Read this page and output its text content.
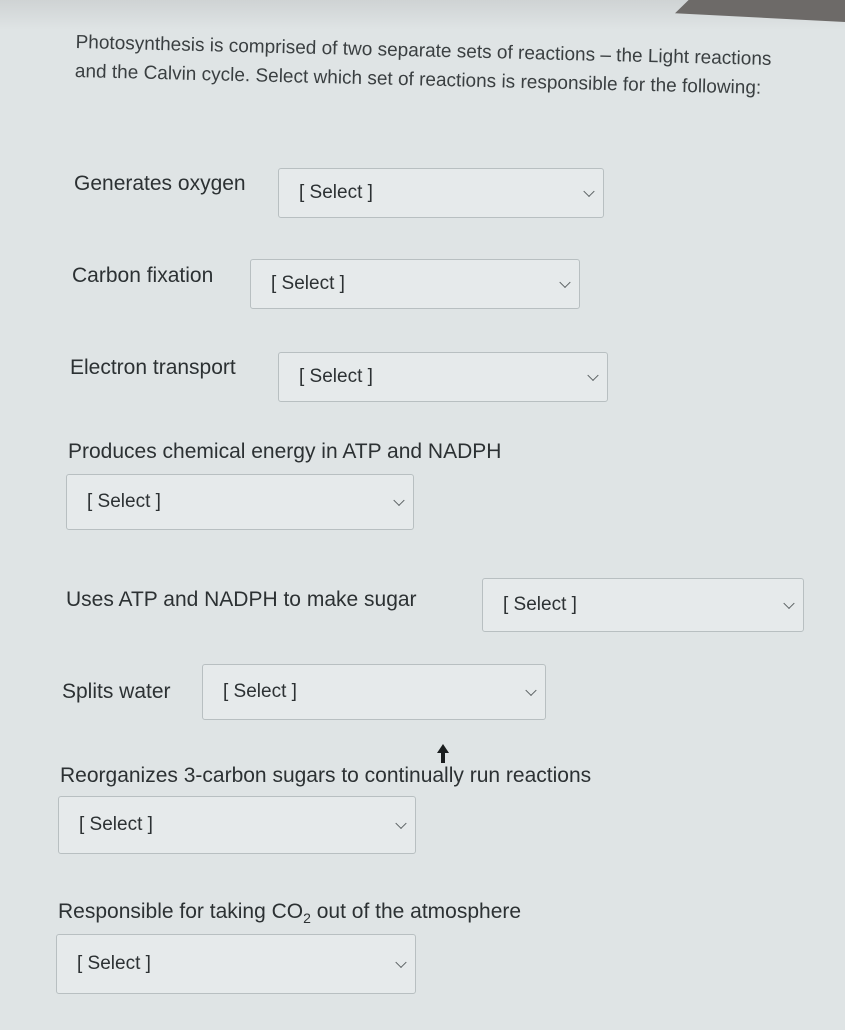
Photosynthesis is comprised of two separate sets of reactions – the Light reactions and the Calvin cycle. Select which set of reactions is responsible for the following:
Generates oxygen	[ Select ]
Carbon fixation	[ Select ]
Electron transport	[ Select ]
Produces chemical energy in ATP and NADPH
[ Select ]
Uses ATP and NADPH to make sugar	[ Select ]
Splits water	[ Select ]
Reorganizes 3-carbon sugars to continually run reactions
[ Select ]
Responsible for taking $CO_2$ out of the atmosphere
[ Select ]
